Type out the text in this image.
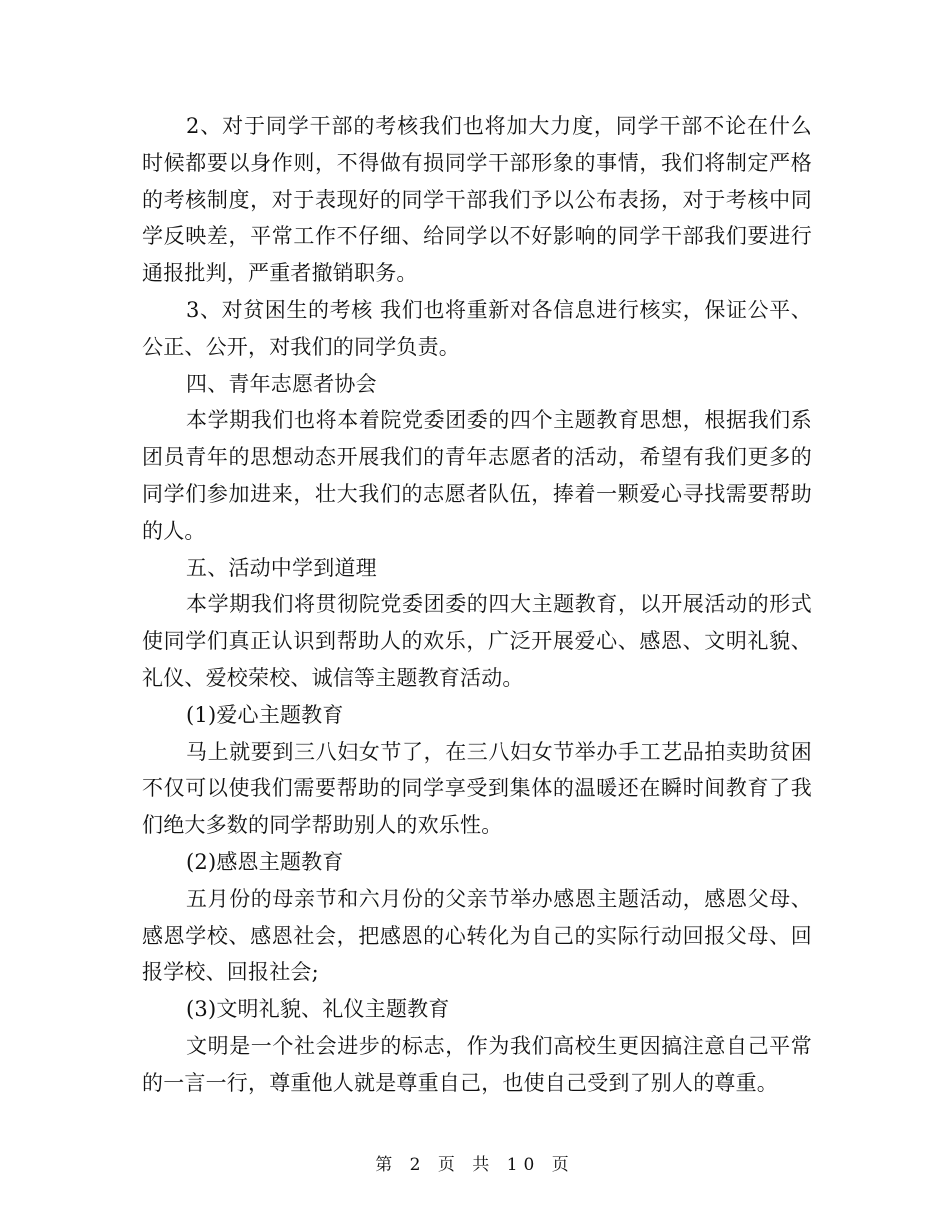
2、对于同学干部的考核我们也将加大力度，同学干部不论在什么时候都要以身作则，不得做有损同学干部形象的事情，我们将制定严格的考核制度，对于表现好的同学干部我们予以公布表扬，对于考核中同学反映差，平常工作不仔细、给同学以不好影响的同学干部我们要进行通报批判，严重者撤销职务。

3、对贫困生的考核 我们也将重新对各信息进行核实，保证公平、公正、公开，对我们的同学负责。

四、青年志愿者协会

本学期我们也将本着院党委团委的四个主题教育思想，根据我们系团员青年的思想动态开展我们的青年志愿者的活动，希望有我们更多的同学们参加进来，壮大我们的志愿者队伍，捧着一颗爱心寻找需要帮助的人。

五、活动中学到道理

本学期我们将贯彻院党委团委的四大主题教育，以开展活动的形式使同学们真正认识到帮助人的欢乐，广泛开展爱心、感恩、文明礼貌、礼仪、爱校荣校、诚信等主题教育活动。

(1)爱心主题教育

马上就要到三八妇女节了，在三八妇女节举办手工艺品拍卖助贫困不仅可以使我们需要帮助的同学享受到集体的温暖还在瞬时间教育了我们绝大多数的同学帮助别人的欢乐性。

(2)感恩主题教育

五月份的母亲节和六月份的父亲节举办感恩主题活动，感恩父母、感恩学校、感恩社会，把感恩的心转化为自己的实际行动回报父母、回报学校、回报社会;

(3)文明礼貌、礼仪主题教育

文明是一个社会进步的标志，作为我们高校生更因搞注意自己平常的一言一行，尊重他人就是尊重自己，也使自己受到了别人的尊重。

第 2 页 共 10 页
